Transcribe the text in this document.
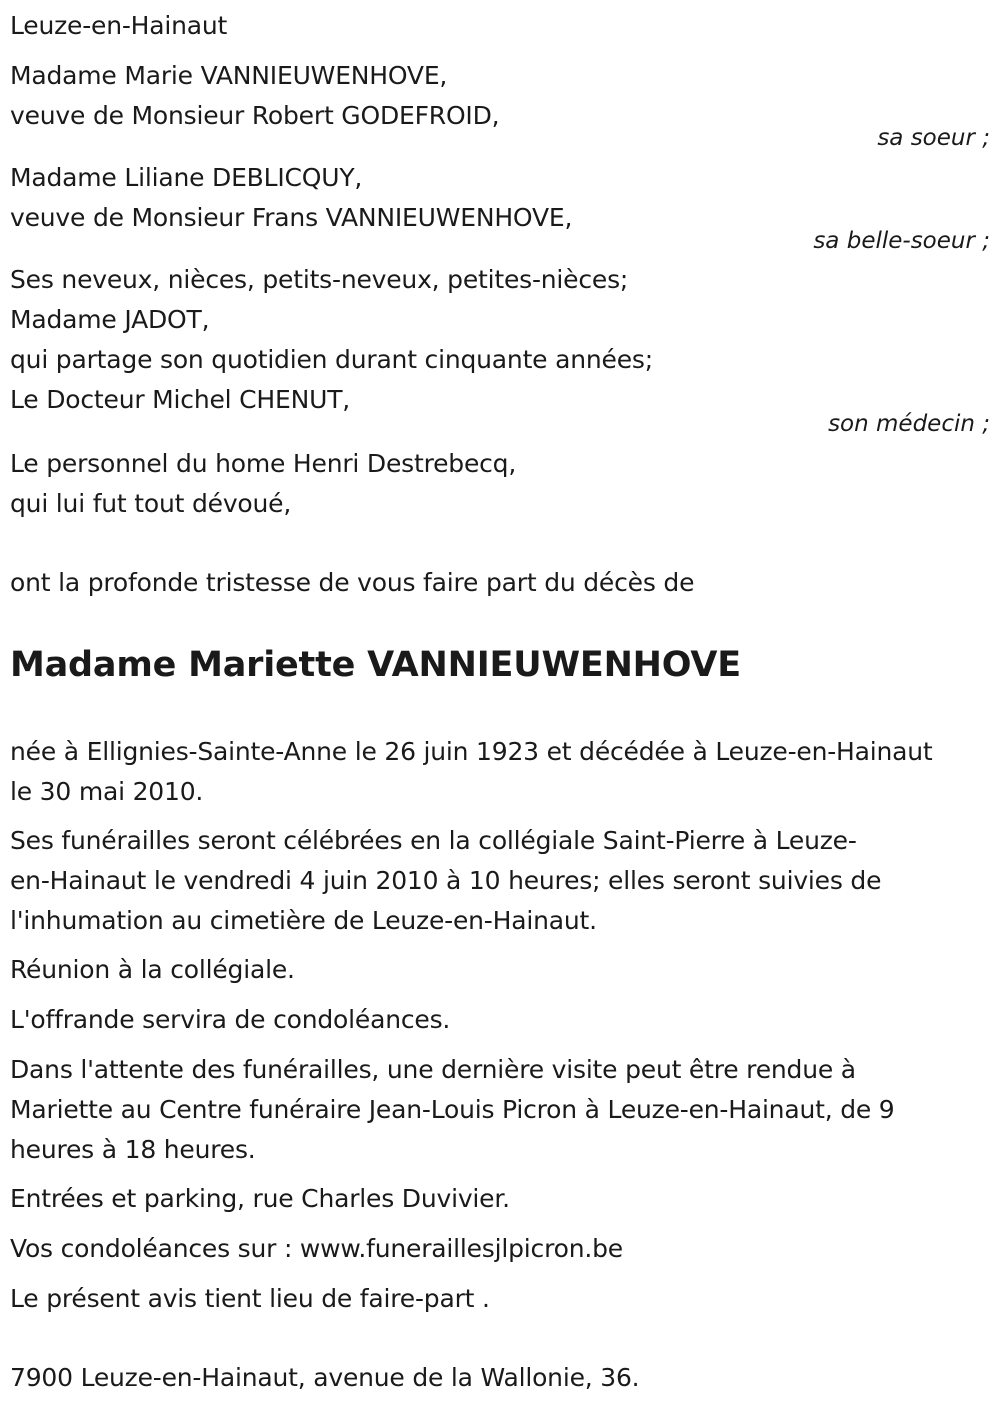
Leuze-en-Hainaut
Madame Marie VANNIEUWENHOVE,
veuve de Monsieur Robert GODEFROID,
sa soeur ;
Madame Liliane DEBLICQUY,
veuve de Monsieur Frans VANNIEUWENHOVE,
sa belle-soeur ;
Ses neveux, nièces, petits-neveux, petites-nièces;
Madame JADOT,
qui partage son quotidien durant cinquante années;
Le Docteur Michel CHENUT,
son médecin ;
Le personnel du home Henri Destrebecq,
qui lui fut tout dévoué,
ont la profonde tristesse de vous faire part du décès de
Madame Mariette VANNIEUWENHOVE
née à Ellignies-Sainte-Anne le 26 juin 1923 et décédée à Leuze-en-Hainaut
le 30 mai 2010.
Ses funérailles seront célébrées en la collégiale Saint-Pierre à Leuze-
en-Hainaut le vendredi 4 juin 2010 à 10 heures; elles seront suivies de
l'inhumation au cimetière de Leuze-en-Hainaut.
Réunion à la collégiale.
L'offrande servira de condoléances.
Dans l'attente des funérailles, une dernière visite peut être rendue à
Mariette au Centre funéraire Jean-Louis Picron à Leuze-en-Hainaut, de 9
heures à 18 heures.
Entrées et parking, rue Charles Duvivier.
Vos condoléances sur : www.funeraillesjlpicron.be
Le présent avis tient lieu de faire-part .
7900 Leuze-en-Hainaut, avenue de la Wallonie, 36.
